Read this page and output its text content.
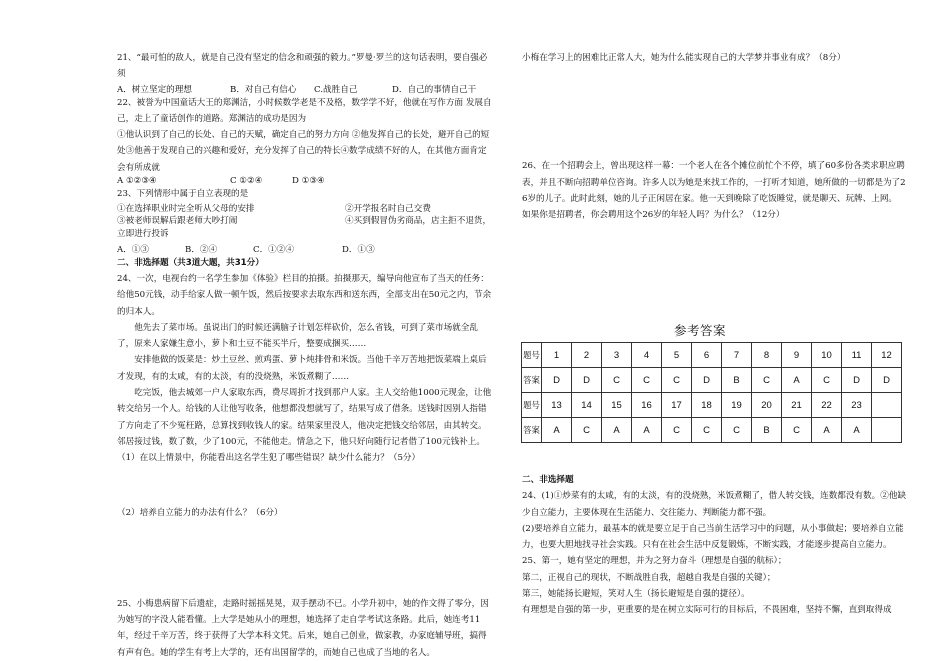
21、“最可怕的敌人，就是自己没有坚定的信念和顽强的毅力。”罗曼·罗兰的这句话表明，要自强必须

A．树立坚定的理想	B．对自己有信心	C.战胜自己	D．自己的事情自己干

22、被誉为中国童话大王的郑渊洁，小时候数学老是不及格，数学学不好，他就在写作方面 发展自己，走上了童话创作的道路。郑渊洁的成功是因为

①他认识到了自己的长处、自己的天赋，确定自己的努力方向 ②他发挥自己的长处，避开自己的短处③他善于发现自己的兴趣和爱好，充分发挥了自己的特长④数学成绩不好的人，在其他方面肯定会有所成就

A ①②③④	C ①②④	D ①③④

23、下列情形中属于自立表现的是

①在选择职业时完全听从父母的安排	②开学报名时自己交费
③被老师误解后跟老师大吵打闹	④买到假冒伪劣商品，店主拒不退货，

立即进行投诉

A．①③	B．②④	C．①②④	D．①③

二、非选择题（共3道大题，共31分）

24、一次，电视台约一名学生参加《体验》栏目的拍摄。拍摄那天，编导向他宣布了当天的任务：给他50元钱，动手给家人做一顿午饭，然后按要求去取东西和送东西，全部支出在50元之内，节余的归本人。

他先去了菜市场。虽说出门的时候还满脑子计划怎样砍价，怎么省钱，可到了菜市场就全乱了，原来人家嫌生意小，萝卜和土豆不能买半斤，整要成捆买……

安排他做的饭菜是：炒土豆丝、煎鸡蛋、萝卜炖排骨和米饭。当他千辛万苦地把饭菜端上桌后才发现，有的太咸，有的太淡，有的没烧熟，米饭煮糊了……

吃完饭，他去城郊一户人家取东西，费尽周折才找到那户人家。主人交给他1000元现金，让他转交给另一个人。给钱的人让他写收条，他想都没想就写了，结果写成了借条。送钱时因别人指错了方向走了不少冤枉路，总算找到收钱人的家。结果家里没人，他决定把钱交给邻居，由其转交。邻居接过钱，数了数，少了100元，不能他走。情急之下，他只好向随行记者借了100元钱补上。

（1）在以上情景中，你能看出这名学生犯了哪些错误？缺少什么能力？（5分）

（2）培养自立能力的办法有什么？（6分）

25、小梅患病留下后遗症，走路时摇摇晃晃，双手摆动不已。小学升初中，她的作文得了零分，因为她写的字没人能看懂。上大学是她从小的理想，她选择了走自学考试这条路。此后，她连考11年，经过千辛万苦，终于获得了大学本科文凭。后来，她自己创业，做家教，办家庭辅导班，搞得有声有色。她的学生有考上大学的，还有出国留学的，而她自己也成了当地的名人。

小梅在学习上的困难比正常人大，她为什么能实现自己的大学梦并事业有成？（8分）

26、在一个招聘会上，曾出现这样一幕：一个老人在各个摊位前忙个不停，填了60多份各类求职应聘表，并且不断向招聘单位咨询。许多人以为她是来找工作的，一打听才知道，她所做的一切都是为了26岁的儿子。此时此刻，她的儿子正闲居在家。他一天到晚除了吃饭睡觉，就是聊天、玩牌、上网。

如果你是招聘者，你会聘用这个26岁的年轻人吗？为什么？（12分）

参考答案
题号	1	2	3	4	5	6	7	8	9	10	11	12
答案	D	D	C	C	C	D	B	C	A	C	D	D
题号	13	14	15	16	17	18	19	20	21	22	23	
答案	A	C	A	A	C	C	C	B	C	A	A	

二、非选择题

24、(1)①炒菜有的太咸，有的太淡，有的没烧熟，米饭煮糊了，借人转交钱，连数都没有数。②他缺少自立能力，主要体现在生活能力、交往能力、判断能力都不强。

(2)要培养自立能力，最基本的就是要立足于自己当前生活学习中的问题，从小事做起；要培养自立能力，也要大胆地找寻社会实践。只有在社会生活中反复锻炼，不断实践，才能逐步提高自立能力。

25、第一，她有坚定的理想，并为之努力奋斗（理想是自强的航标）；

第二，正视自己的现状，不断战胜自我，超越自我是自强的关键）；

第三，她能扬长避短，笑对人生（扬长避短是自强的捷径）。

有理想是自强的第一步，更重要的是在树立实际可行的目标后，不畏困难，坚持不懈，直到取得成
